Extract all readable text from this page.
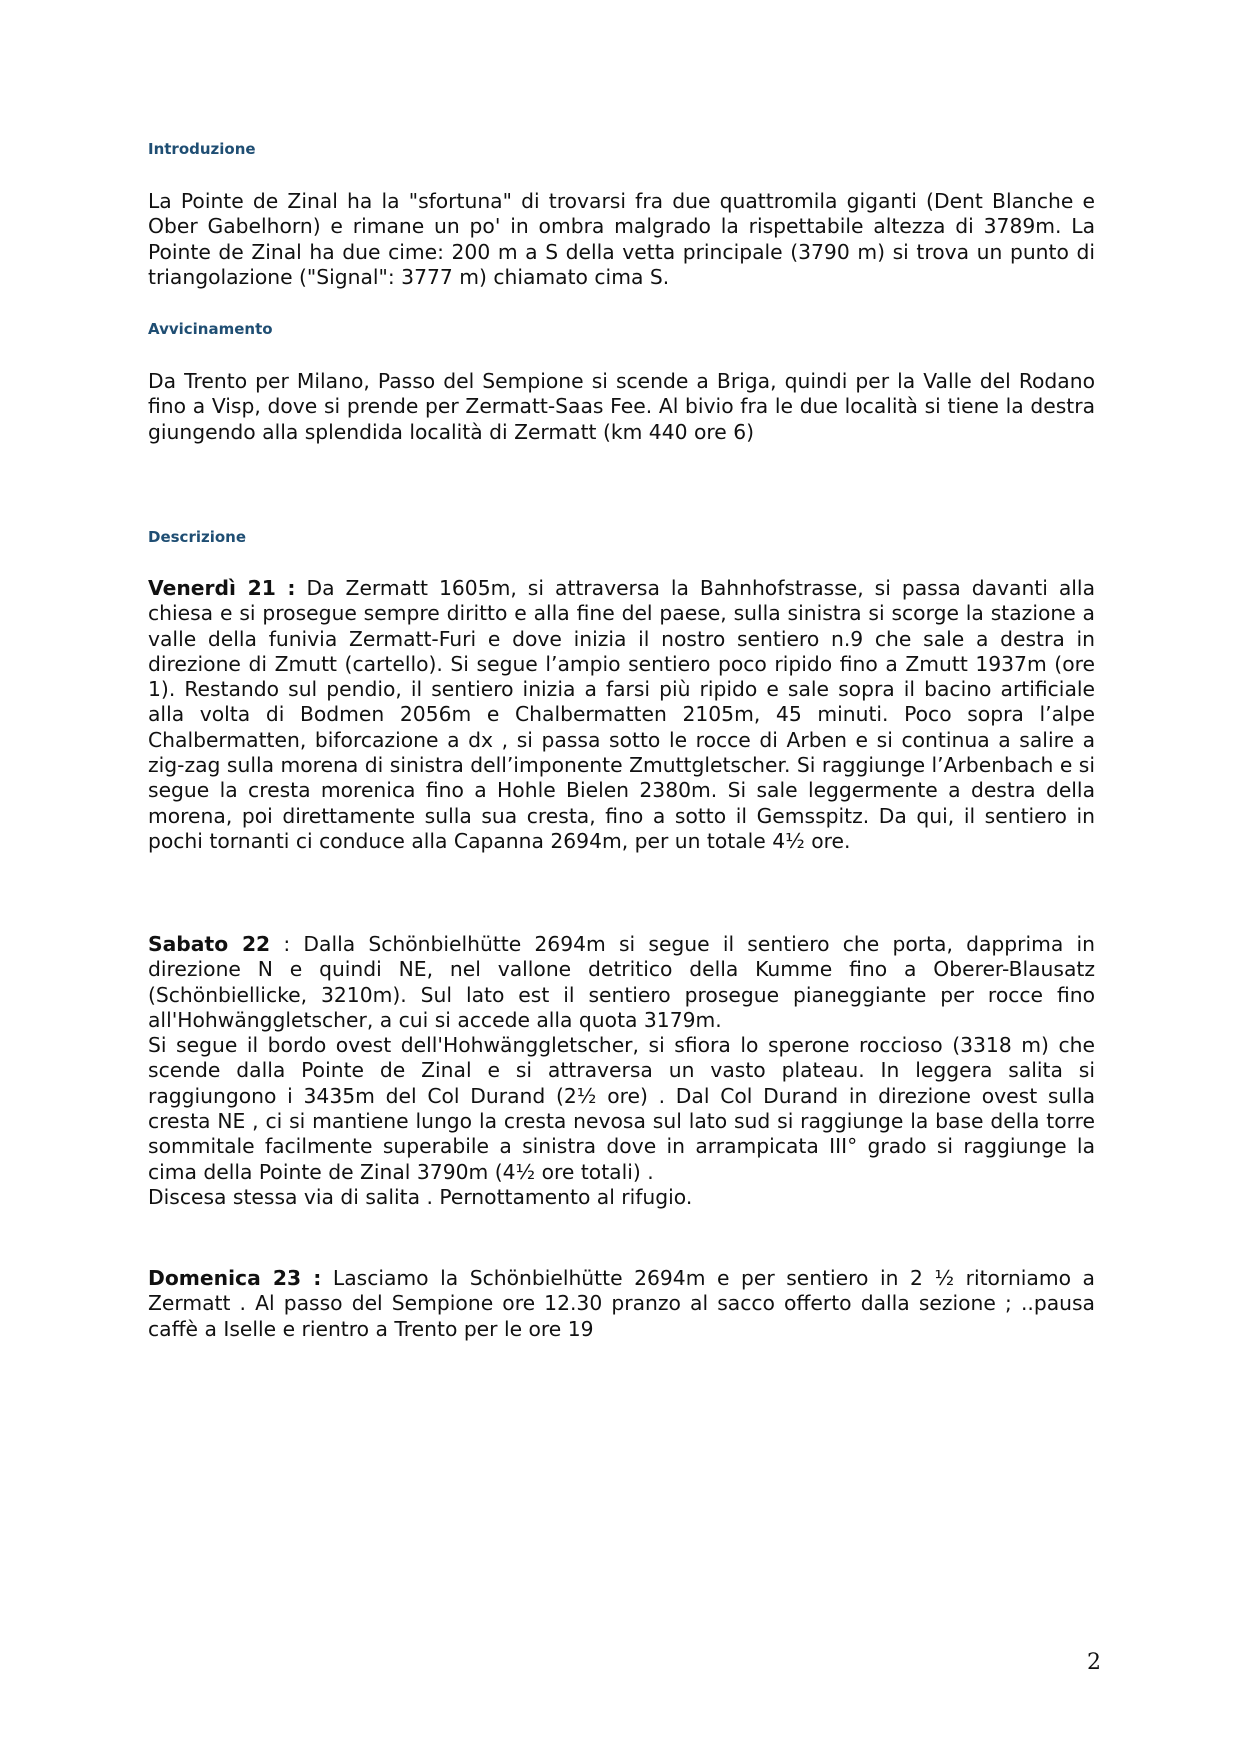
Introduzione

La Pointe de Zinal ha la "sfortuna" di trovarsi fra due quattromila giganti (Dent Blanche e Ober Gabelhorn) e rimane un po' in ombra malgrado la rispettabile altezza di 3789m. La Pointe de Zinal ha due cime: 200 m a S della vetta principale (3790 m) si trova un punto di triangolazione ("Signal": 3777 m) chiamato cima S.

Avvicinamento

Da Trento per Milano, Passo del Sempione si scende a Briga, quindi per la Valle del Rodano fino a Visp, dove si prende per Zermatt-Saas Fee. Al bivio fra le due località si tiene la destra giungendo alla splendida località di Zermatt (km 440 ore 6)

Descrizione

Venerdì 21 : Da Zermatt 1605m, si attraversa la Bahnhofstrasse, si passa davanti alla chiesa e si prosegue sempre diritto e alla fine del paese, sulla sinistra si scorge la stazione a valle della funivia Zermatt-Furi e dove inizia il nostro sentiero n.9 che sale a destra in direzione di Zmutt (cartello). Si segue l’ampio sentiero poco ripido fino a Zmutt 1937m (ore 1). Restando sul pendio, il sentiero inizia a farsi più ripido e sale sopra il bacino artificiale alla volta di Bodmen 2056m e Chalbermatten 2105m, 45 minuti. Poco sopra l’alpe Chalbermatten, biforcazione a dx , si passa sotto le rocce di Arben e si continua a salire a zig-zag sulla morena di sinistra dell’imponente Zmuttgletscher. Si raggiunge l’Arbenbach e si segue la cresta morenica fino a Hohle Bielen 2380m. Si sale leggermente a destra della morena, poi direttamente sulla sua cresta, fino a sotto il Gemsspitz. Da qui, il sentiero in pochi tornanti ci conduce alla Capanna 2694m, per un totale 4½ ore.

Sabato 22 : Dalla Schönbielhütte 2694m si segue il sentiero che porta, dapprima in direzione N e quindi NE, nel vallone detritico della Kumme fino a Oberer-Blausatz (Schönbiellicke, 3210m). Sul lato est il sentiero prosegue pianeggiante per rocce fino all'Hohwänggletscher, a cui si accede alla quota 3179m.
Si segue il bordo ovest dell'Hohwänggletscher, si sfiora lo sperone roccioso (3318 m) che scende dalla Pointe de Zinal e si attraversa un vasto plateau. In leggera salita si raggiungono i 3435m del Col Durand (2½ ore) . Dal Col Durand in direzione ovest sulla cresta NE , ci si mantiene lungo la cresta nevosa sul lato sud si raggiunge la base della torre sommitale facilmente superabile a sinistra dove in arrampicata III° grado si raggiunge la cima della Pointe de Zinal 3790m (4½ ore totali) .
Discesa stessa via di salita . Pernottamento al rifugio.

Domenica 23 : Lasciamo la Schönbielhütte 2694m e per sentiero in 2 ½ ritorniamo a Zermatt . Al passo del Sempione ore 12.30 pranzo al sacco offerto dalla sezione ; ..pausa caffè a Iselle e rientro a Trento per le ore 19

2
